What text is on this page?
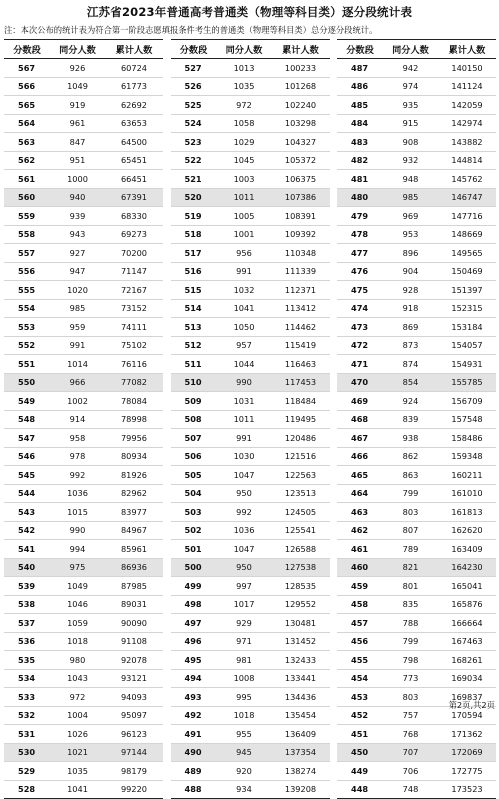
江苏省2023年普通高考普通类（物理等科目类）逐分段统计表
注：本次公布的统计表为符合第一阶段志愿填报条件考生的普通类（物理等科目类）总分逐分段统计。
分数段	同分人数	累计人数
567	926	60724
566	1049	61773
565	919	62692
564	961	63653
563	847	64500
562	951	65451
561	1000	66451
560	940	67391
559	939	68330
558	943	69273
557	927	70200
556	947	71147
555	1020	72167
554	985	73152
553	959	74111
552	991	75102
551	1014	76116
550	966	77082
549	1002	78084
548	914	78998
547	958	79956
546	978	80934
545	992	81926
544	1036	82962
543	1015	83977
542	990	84967
541	994	85961
540	975	86936
539	1049	87985
538	1046	89031
537	1059	90090
536	1018	91108
535	980	92078
534	1043	93121
533	972	94093
532	1004	95097
531	1026	96123
530	1021	97144
529	1035	98179
528	1041	99220
分数段	同分人数	累计人数
527	1013	100233
526	1035	101268
525	972	102240
524	1058	103298
523	1029	104327
522	1045	105372
521	1003	106375
520	1011	107386
519	1005	108391
518	1001	109392
517	956	110348
516	991	111339
515	1032	112371
514	1041	113412
513	1050	114462
512	957	115419
511	1044	116463
510	990	117453
509	1031	118484
508	1011	119495
507	991	120486
506	1030	121516
505	1047	122563
504	950	123513
503	992	124505
502	1036	125541
501	1047	126588
500	950	127538
499	997	128535
498	1017	129552
497	929	130481
496	971	131452
495	981	132433
494	1008	133441
493	995	134436
492	1018	135454
491	955	136409
490	945	137354
489	920	138274
488	934	139208
分数段	同分人数	累计人数
487	942	140150
486	974	141124
485	935	142059
484	915	142974
483	908	143882
482	932	144814
481	948	145762
480	985	146747
479	969	147716
478	953	148669
477	896	149565
476	904	150469
475	928	151397
474	918	152315
473	869	153184
472	873	154057
471	874	154931
470	854	155785
469	924	156709
468	839	157548
467	938	158486
466	862	159348
465	863	160211
464	799	161010
463	803	161813
462	807	162620
461	789	163409
460	821	164230
459	801	165041
458	835	165876
457	788	166664
456	799	167463
455	798	168261
454	773	169034
453	803	169837
452	757	170594
451	768	171362
450	707	172069
449	706	172775
448	748	173523
第2页,共2页
